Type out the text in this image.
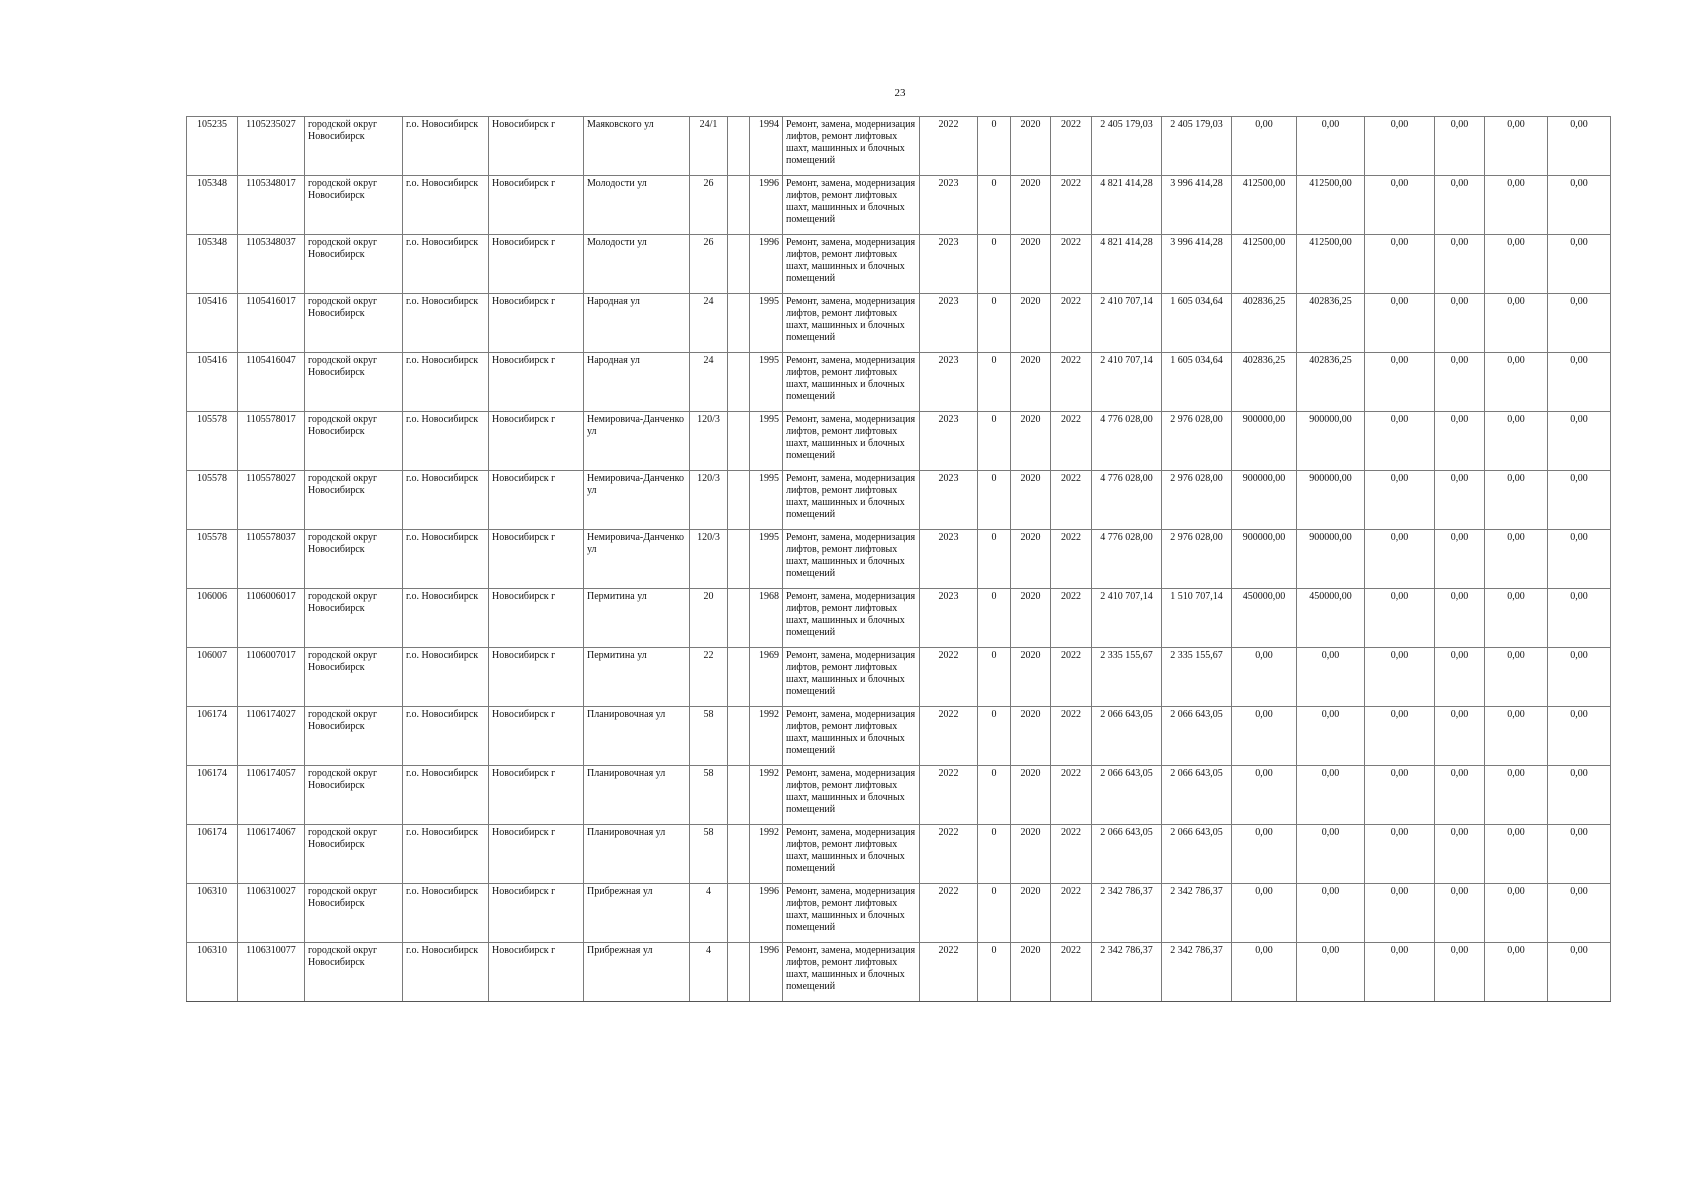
23
105235	1105235027	городской округ Новосибирск	г.о. Новосибирск	Новосибирск г	Маяковского ул	24/1		1994	Ремонт, замена, модернизация лифтов, ремонт лифтовых шахт, машинных и блочных помещений	2022	0	2020	2022	2 405 179,03	2 405 179,03	0,00	0,00	0,00	0,00	0,00	0,00
105348	1105348017	городской округ Новосибирск	г.о. Новосибирск	Новосибирск г	Молодости ул	26		1996	Ремонт, замена, модернизация лифтов, ремонт лифтовых шахт, машинных и блочных помещений	2023	0	2020	2022	4 821 414,28	3 996 414,28	412500,00	412500,00	0,00	0,00	0,00	0,00
105348	1105348037	городской округ Новосибирск	г.о. Новосибирск	Новосибирск г	Молодости ул	26		1996	Ремонт, замена, модернизация лифтов, ремонт лифтовых шахт, машинных и блочных помещений	2023	0	2020	2022	4 821 414,28	3 996 414,28	412500,00	412500,00	0,00	0,00	0,00	0,00
105416	1105416017	городской округ Новосибирск	г.о. Новосибирск	Новосибирск г	Народная ул	24		1995	Ремонт, замена, модернизация лифтов, ремонт лифтовых шахт, машинных и блочных помещений	2023	0	2020	2022	2 410 707,14	1 605 034,64	402836,25	402836,25	0,00	0,00	0,00	0,00
105416	1105416047	городской округ Новосибирск	г.о. Новосибирск	Новосибирск г	Народная ул	24		1995	Ремонт, замена, модернизация лифтов, ремонт лифтовых шахт, машинных и блочных помещений	2023	0	2020	2022	2 410 707,14	1 605 034,64	402836,25	402836,25	0,00	0,00	0,00	0,00
105578	1105578017	городской округ Новосибирск	г.о. Новосибирск	Новосибирск г	Немировича-Данченко ул	120/3		1995	Ремонт, замена, модернизация лифтов, ремонт лифтовых шахт, машинных и блочных помещений	2023	0	2020	2022	4 776 028,00	2 976 028,00	900000,00	900000,00	0,00	0,00	0,00	0,00
105578	1105578027	городской округ Новосибирск	г.о. Новосибирск	Новосибирск г	Немировича-Данченко ул	120/3		1995	Ремонт, замена, модернизация лифтов, ремонт лифтовых шахт, машинных и блочных помещений	2023	0	2020	2022	4 776 028,00	2 976 028,00	900000,00	900000,00	0,00	0,00	0,00	0,00
105578	1105578037	городской округ Новосибирск	г.о. Новосибирск	Новосибирск г	Немировича-Данченко ул	120/3		1995	Ремонт, замена, модернизация лифтов, ремонт лифтовых шахт, машинных и блочных помещений	2023	0	2020	2022	4 776 028,00	2 976 028,00	900000,00	900000,00	0,00	0,00	0,00	0,00
106006	1106006017	городской округ Новосибирск	г.о. Новосибирск	Новосибирск г	Пермитина ул	20		1968	Ремонт, замена, модернизация лифтов, ремонт лифтовых шахт, машинных и блочных помещений	2023	0	2020	2022	2 410 707,14	1 510 707,14	450000,00	450000,00	0,00	0,00	0,00	0,00
106007	1106007017	городской округ Новосибирск	г.о. Новосибирск	Новосибирск г	Пермитина ул	22		1969	Ремонт, замена, модернизация лифтов, ремонт лифтовых шахт, машинных и блочных помещений	2022	0	2020	2022	2 335 155,67	2 335 155,67	0,00	0,00	0,00	0,00	0,00	0,00
106174	1106174027	городской округ Новосибирск	г.о. Новосибирск	Новосибирск г	Планировочная ул	58		1992	Ремонт, замена, модернизация лифтов, ремонт лифтовых шахт, машинных и блочных помещений	2022	0	2020	2022	2 066 643,05	2 066 643,05	0,00	0,00	0,00	0,00	0,00	0,00
106174	1106174057	городской округ Новосибирск	г.о. Новосибирск	Новосибирск г	Планировочная ул	58		1992	Ремонт, замена, модернизация лифтов, ремонт лифтовых шахт, машинных и блочных помещений	2022	0	2020	2022	2 066 643,05	2 066 643,05	0,00	0,00	0,00	0,00	0,00	0,00
106174	1106174067	городской округ Новосибирск	г.о. Новосибирск	Новосибирск г	Планировочная ул	58		1992	Ремонт, замена, модернизация лифтов, ремонт лифтовых шахт, машинных и блочных помещений	2022	0	2020	2022	2 066 643,05	2 066 643,05	0,00	0,00	0,00	0,00	0,00	0,00
106310	1106310027	городской округ Новосибирск	г.о. Новосибирск	Новосибирск г	Прибрежная ул	4		1996	Ремонт, замена, модернизация лифтов, ремонт лифтовых шахт, машинных и блочных помещений	2022	0	2020	2022	2 342 786,37	2 342 786,37	0,00	0,00	0,00	0,00	0,00	0,00
106310	1106310077	городской округ Новосибирск	г.о. Новосибирск	Новосибирск г	Прибрежная ул	4		1996	Ремонт, замена, модернизация лифтов, ремонт лифтовых шахт, машинных и блочных помещений	2022	0	2020	2022	2 342 786,37	2 342 786,37	0,00	0,00	0,00	0,00	0,00	0,00
